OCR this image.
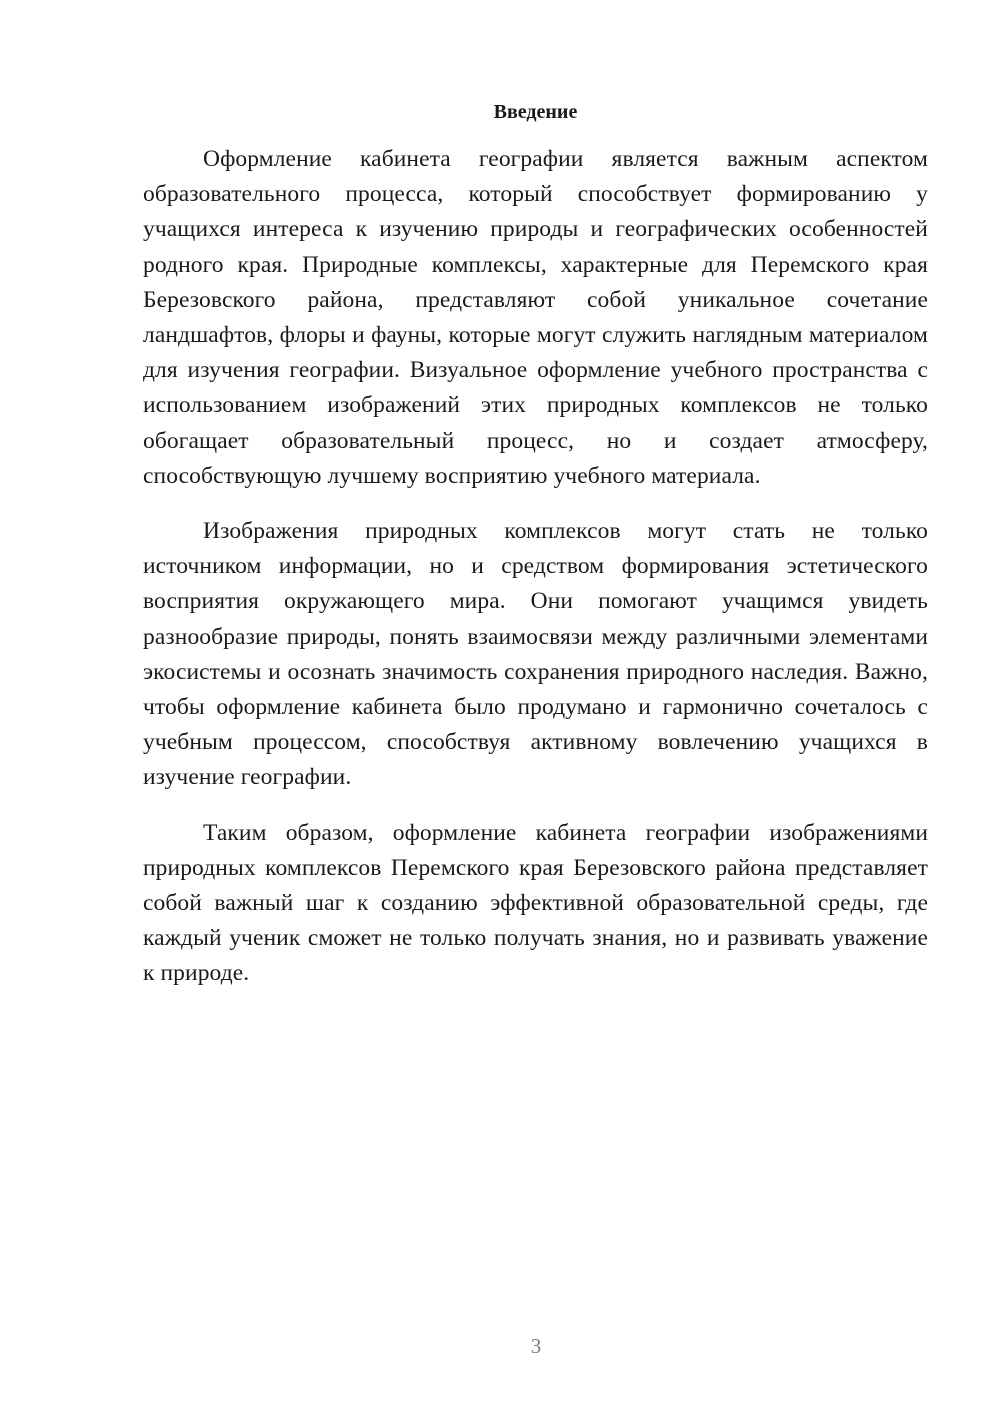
Введение

Оформление кабинета географии является важным аспектом образовательного процесса, который способствует формированию у учащихся интереса к изучению природы и географических особенностей родного края. Природные комплексы, характерные для Перемского края Березовского района, представляют собой уникальное сочетание ландшафтов, флоры и фауны, которые могут служить наглядным материалом для изучения географии. Визуальное оформление учебного пространства с использованием изображений этих природных комплексов не только обогащает образовательный процесс, но и создает атмосферу, способствующую лучшему восприятию учебного материала.

Изображения природных комплексов могут стать не только источником информации, но и средством формирования эстетического восприятия окружающего мира. Они помогают учащимся увидеть разнообразие природы, понять взаимосвязи между различными элементами экосистемы и осознать значимость сохранения природного наследия. Важно, чтобы оформление кабинета было продумано и гармонично сочеталось с учебным процессом, способствуя активному вовлечению учащихся в изучение географии.

Таким образом, оформление кабинета географии изображениями природных комплексов Перемского края Березовского района представляет собой важный шаг к созданию эффективной образовательной среды, где каждый ученик сможет не только получать знания, но и развивать уважение к природе.

3
